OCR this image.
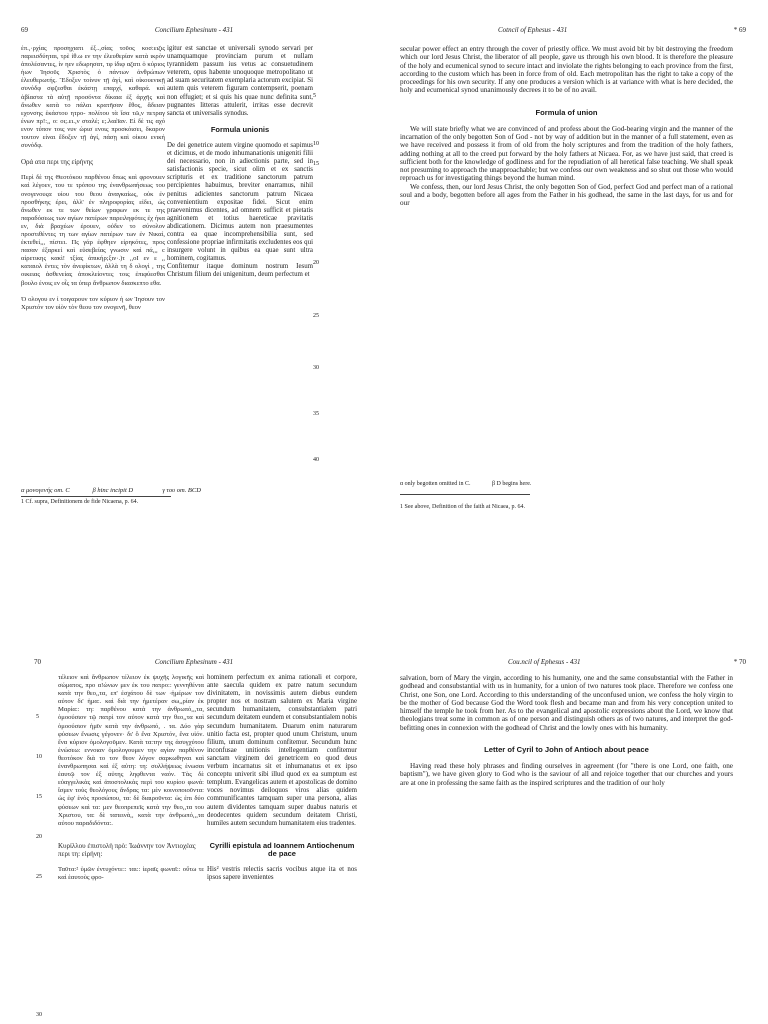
69	Concilium Ephesinum - 431

ἐπ.,·ρχίας προσηχιατι ἐξ..,σίας τοῦος κοσ:ειζις παρεισδύηται, τρὲ ἰθ.ω εν την ἐλευθερίαν κατὰ ικρὸν ἀπολέσαντες, ἰν ηεν εδωρησατ, τφ ἰδιφ αζατι ὁ κύριος ἡων Ἰησοῦς Χριστὸς ὁ πάντων ἀνθρώπων ἐλευθερωτής. Ἔδοξεν τοίνυν τῇ ἁγί, καὶ οἰκουενικῇ συνόδφ σφζεσθαι ἐκάστῃ επαρχί, καθαρά. καὶ ἀβίαστα τὰ αὐτῇ προσόντα δίκαια ἐξ ἀρχῆς καὶ ἄνωθεν κατὰ το πάλαι κρατῆσαν ἔθος, ἄδειαν εχοvσης ἑκάστου ητρο- πολίτου τὰ ἴσα τῶ,ν πετραγ ένων πρ!:,, ο: οι;.ει.,ν σταλέ; ε;.λαέῖαν. Εἰ δὲ τις αχό ενον τύπον τοις νυν ώρισ ενοις προσκόισει, δκαρον τουτον είναι ἔδοξεν τῇ ἁγί, πάσῃ καὶ οἰκου ενική συνόδφ.

Ορά ατα περι της εἰρήνης

Περὶ δὲ της Θεοτόκου παρθένου δπως καὶ φρονουεν καὶ λέγοεν, του τε τρόπου της ἐνανθρωπήσεως του ονογενουςα υίου του θεου ἀναγκαίως, οὐκ ἐν προσθήκης έρει, ἀλλ' ἐν πληροφορίας εἰδει, ὡς ἄνωθεν εκ τε των θείων γραφων εκ τε της παραδόσεως των αγίων πατέρων παρειληφότες ἐχ ήκα εν, διὰ βραχέων ἐρουεν, οὐδεν το σύνολον προστιθέντες τη των αγίων πατέρων των ἐν Νικαί, ἐκτεθεί,,, πίστει. Πς γάρ ἐφθηεν εἰρηκότες, προς πασαν ἐξαρκεί καὶ εὐσεβείας γνωσιν καὶ πά,,, c αίρετικης κακὶ! τξίας ἀπικήρ;ξιν·.)τ ,,οΙ εν ε ,, καταιολ ἑντες τὸν ἀνεφίκτων, ἀλλὰ τη δ ολογὶ , της οικειας ἀσθενείας ἀποκλείοντες τοις ἐπιφύεσθαι βουλο ένοις εν οἷς τα ύπερ ἄνθρωπον διασκεπτο εθα.

Ὁ ολογου εν ἰ τοιγαρουν τον κύριον ἡ ων Ἰησουν τον Χριστόν τον υἱὸν τὸν θεου τον ονογενῆ, θεον

igitur est sanctae et universali synodo servari per unamquamque provinciam purum et nullam tyrannidem passum ius vetus ac consuetudinem veterem, opus habente unoquoque metropolitano ut ad suam securitatem exemplaria actorum excipiat. Si autem quis veterem figuram contempserit, poenam non effugiet; et si quis his quae nunc definita sunt, pugnantes litteras attulerit, irritas esse decrevit sancta et universalis synodus.

Formula unionis

De dei genetrice autem virgine quomodo et sapimus et dicimus, et de modo inhumanationis unigeniti filii dei necessario, non in adiectionis parte, sed in satisfactionis specie, sicut olim et ex sanctis scripturis et ex traditione sanctorum patrum percipientes habuimus, breviter enarramus, nihil penitus adicientes sanctorum patrum Nicaea convenientium expositae fidei. Sicut enim praevenimus dicentes, ad omnem sufficit et pietatis agnitionem et totius haereticae pravitatis abdicationem. Dicimus autem non praesumentes contra ea quae incomprehensibilia sunt, sed confessione propriae infirmitatis excludentes eos qui insurgere volunt in quibus ea quae sunt ultra hominem, cogitamus.

Confitemur itaque dominum nostrum Iesum Christum filium dei unigenitum, deum perfectum et

5
10
15
20
25
30
35
40
α μονογενής om. C	β hinc incipit D	γ του om. BCD
1 Cf. supra, Definitionem de fide Nicaena, p. 64.
Cotncil of Ephesus - 431	* 69

secular power effect an entry through the cover of priestly office. We must avoid bit by bit destroying the freedom which our lord Jesus Christ, the liberator of all people, gave us through his own blood. It is therefore the pleasure of the holy and ecumenical synod to secure intact and inviolate the rights belonging to each province from the first, according to the custom which has been in force from of old. Each metropolitan has the right to take a copy of the proceedings for his own security. If any one produces a version which is at variance with what is here decided, the holy and ecumenical synod unanimously decrees it to be of no avail.

Formula of union

We will state briefly what we are convinced of and profess about the God-bearing virgin and the manner of the incarnation of the only begotten Son of God - not by way of addition but in the manner of a full statement, even as we have received and possess it from of old from the holy scriptures and from the tradition of the holy fathers, adding nothing at all to the creed put forward by the holy fathers at Nicaea. For, as we have just said, that creed is sufficient both for the knowledge of godliness and for the repudiation of all heretical false teaching. We shall speak not presuming to approach the unapproachable; but we confess our own weakness and so shut out those who would reproach us for investigating things beyond the human mind.

We confess, then, our lord Jesus Christ, the only begotten Son of God, perfect God and perfect man of a rational soul and a body, begotten before all ages from the Father in his godhead, the same in the last days, for us and for our

α only begotten omitted in C.	β D begins here.
1 See above, Definition of the faith at Nicaea, p. 64.
70	Concilium Ephesinum - 431

τέλειον καὶ ἄνθρωπον τέλειον ἐκ ψυχῆς λογικῆς καὶ σώματος, προ α!ώνων μεν ἐκ του πατρο:: γεννηθέντα κατὰ την θεο,,τα, επ' ἐσχάτου δὲ των ·ἡμέρων τον αὐτον δι' ἡμα:. καὶ διὰ την ἡμετέραν σω,,ρίαν ἐκ Μαρία:: τη: παρθένου κατὰ την ἀνθρωπό,,,τα, ὁμοούσιον τῷ πατρὶ τον αὐτον κατὰ την θεο,,τα καὶ ὁμοούσιον ἡμῖν κατὰ την ἀνθρωπό, . τα. Δύο γὰρ φύσεων ἕνωσις γέγονεν· δι' ὃ ἕνα Χριστόν, ἕνα υἱόν. ἕνα κύριον ὁμολογοῦμεν. Κατὰ τα:την της ἀσυγχύτου ἑνώσεω: εννοιαν ὁμολογουμεν την αγίαν παρθένον θεοτόκον διὰ το τον θεον λόγον σαρκωθηναι καὶ ἐνανθρωπησαι καὶ ἐξ αὐτη: τη: συλλήψεως ἑνωσαι ἐαυτῷ τον ἐξ αὐτης ληφθεντα ναόν. Τὰς δὲ εὐαγγελικὰς καὶ ἀποστολικὰς περὶ του κυρίου φωνά: ἴσμεν τοὺς θεολόγους ἄνδρας τα: μὲν κοινοποιοῦντα: ὡς ἐφ' ἑνὸς προσώπου, τα: δὲ διαιροῦντα: ὡς ἐπι δύο φύσεων καὶ τα: μεν θεοπρεπεῖς κατὰ την θεο,,τα του Χριστου, τα: δὲ ταπεινὰ,, κατὰ την ἀνθρωπό,,,τα αὐτου παραδιδόντα:.

Κυρίλλου ἐπιστολὴ πρὸ: Ἰωάννην τον Ἀντιοχέας περι τη: εἰρήνη:

Ταῦτα:² ὑμῶν ἐντυχόντε:: ται:: ἱεραῖς φωναῖ:: οὕτω τε καὶ ἑαυτοὺς φρο-

hominem perfectum ex anima rationali et corpore, ante saecula quidem ex patre natum secundum divinitatem, in novissimis autem diebus eundem propter nos et nostram salutem ex Maria virgine secundum humanitatem, consubstantialem patri secundum deitatem eundem et consubstantialem nobis secundum humanitatem. Duarum enim naturarum unitio facta est, propter quod unum Christum, unum filium, unum dominum confitemur. Secundum hunc inconfusae unitionis intellegentiam confitemur sanctam virginem dei genetricem eo quod deus verbum incarnatus sit et inhumanatus et ex ipso conceptu univerit sibi illud quod ex ea sumptum est templum. Evangelicas autem et apostolicas de domino voces novimus deiloquos viros alias quidem communificantes tamquam super una persona, alias autem dividentes tamquam super duabus naturis et deodecentes quidem secundum deitatem Christi, humiles autem secundum humanitatem eius tradentes.

Cyrilli epistula ad Ioannem Antiochenum de pace

His² vestris relectis sacris vocibus atque ita et nos ipsos sapere invenientes

5
10
15
20
25
30
Cou.ncil of Ephesus - 431	* 70

salvation, born of Mary the virgin, according to his humanity, one and the same consubstantial with the Father in godhead and consubstantial with us in humanity, for a union of two natures took place. Therefore we confess one Christ, one Son, one Lord. According to this understanding of the unconfused union, we confess the holy virgin to be the mother of God because God the Word took flesh and became man and from his very conception united to himself the temple he took from her. As to the evangelical and apostolic expressions about the Lord, we know that theologians treat some in common as of one person and distinguish others as of two natures, and interpret the god-befitting ones in connexion with the godhead of Christ and the lowly ones with his humanity.

Letter of Cyril to John of Antioch about peace

Having read these holy phrases and finding ourselves in agreement (for "there is one Lord, one faith, one baptism"), we have given glory to God who is the saviour of all and rejoice together that our churches and yours are at one in professing the same faith as the inspired scriptures and the tradition of our holy
